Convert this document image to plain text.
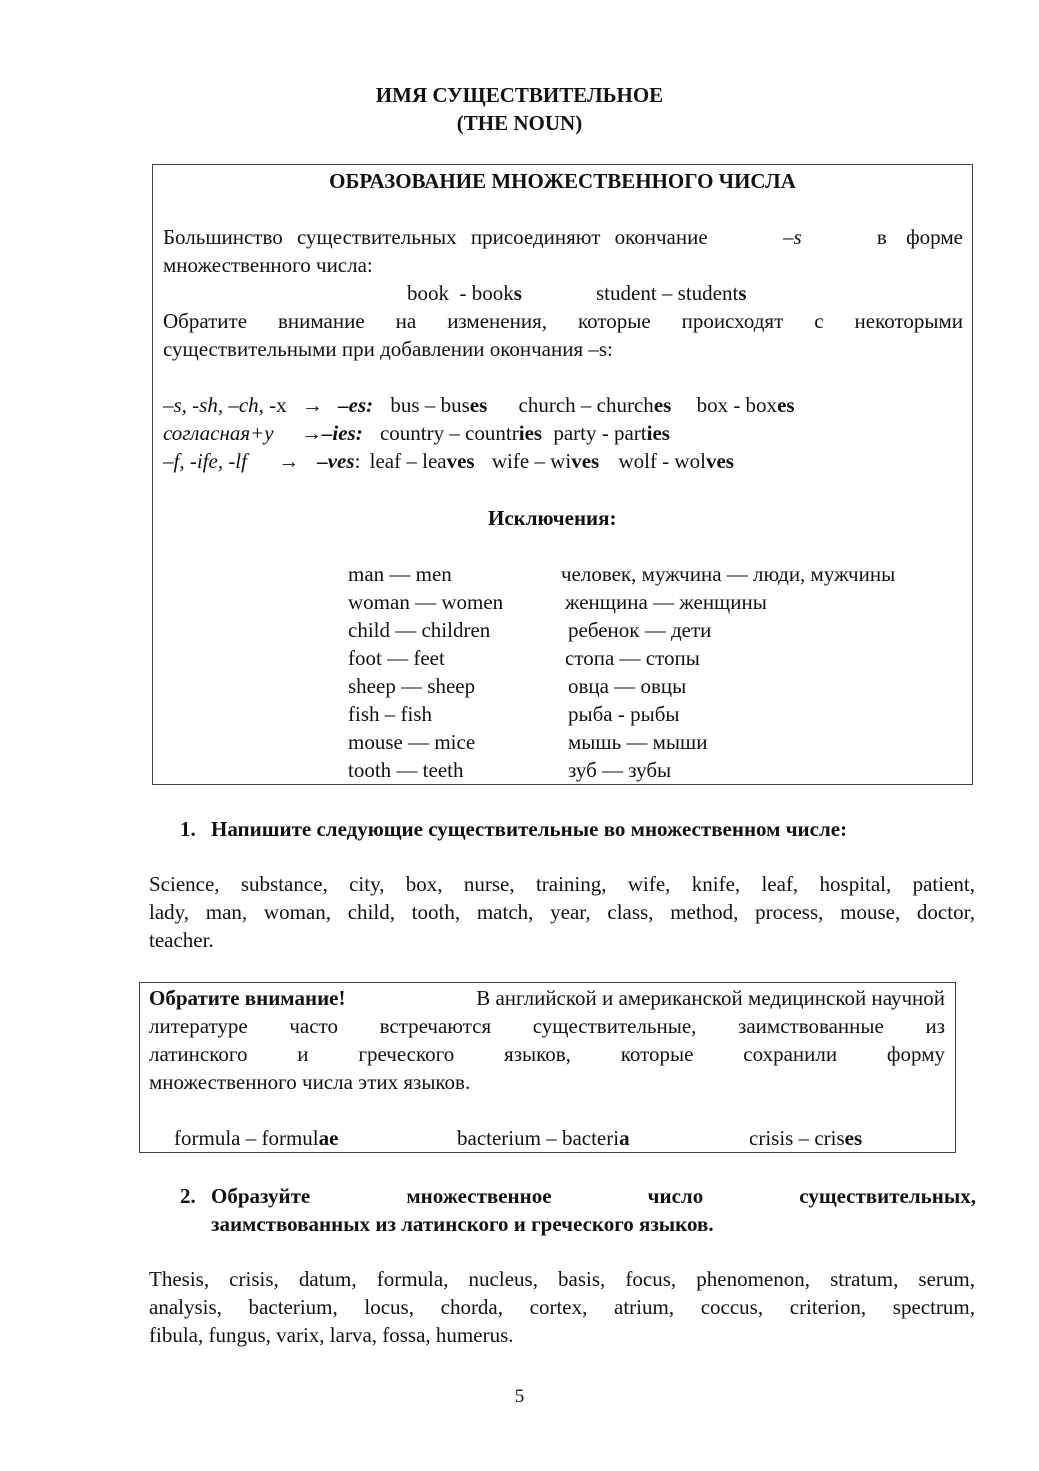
ИМЯ СУЩЕСТВИТЕЛЬНОЕ
(THE NOUN)
ОБРАЗОВАНИЕ МНОЖЕСТВЕННОГО ЧИСЛА
Большинство существительных присоединяют окончание	–s	в форме
множественного числа:
book  - books	student – students
Обратите внимание на изменения, которые происходят с некоторыми
существительными при добавлении окончания –s:
–s, -sh, –ch, -x → –es: bus – buses church – churches box - boxes
согласная+у →–ies: country – countries party - parties
–f, -ife, -lf → –ves: leaf – leaves wife – wives wolf - wolves
Исключения:
man — men	человек, мужчина — люди, мужчины
woman — women	женщина — женщины
child — children	ребенок — дети
foot — feet	стопа — стопы
sheep — sheep	овца — овцы
fish – fish	рыба - рыбы
mouse — mice	мышь — мыши
tooth — teeth	зуб — зубы
1. Напишите следующие существительные во множественном числе:
Science, substance, city, box, nurse, training, wife, knife, leaf, hospital, patient,
lady, man, woman, child, tooth, match, year, class, method, process, mouse, doctor,
teacher.
Обратите внимание!	В английской и американской медицинской научной
литературе часто встречаются существительные, заимствованные из
латинского и греческого языков, которые сохранили форму
множественного числа этих языков.
formula – formulae	bacterium – bacteria	crisis – crises
2. Образуйте множественное число существительных,
заимствованных из латинского и греческого языков.
Thesis, crisis, datum, formula, nucleus, basis, focus, phenomenon, stratum, serum,
analysis, bacterium, locus, chorda, cortex, atrium, coccus, criterion, spectrum,
fibula, fungus, varix, larva, fossa, humerus.
5
